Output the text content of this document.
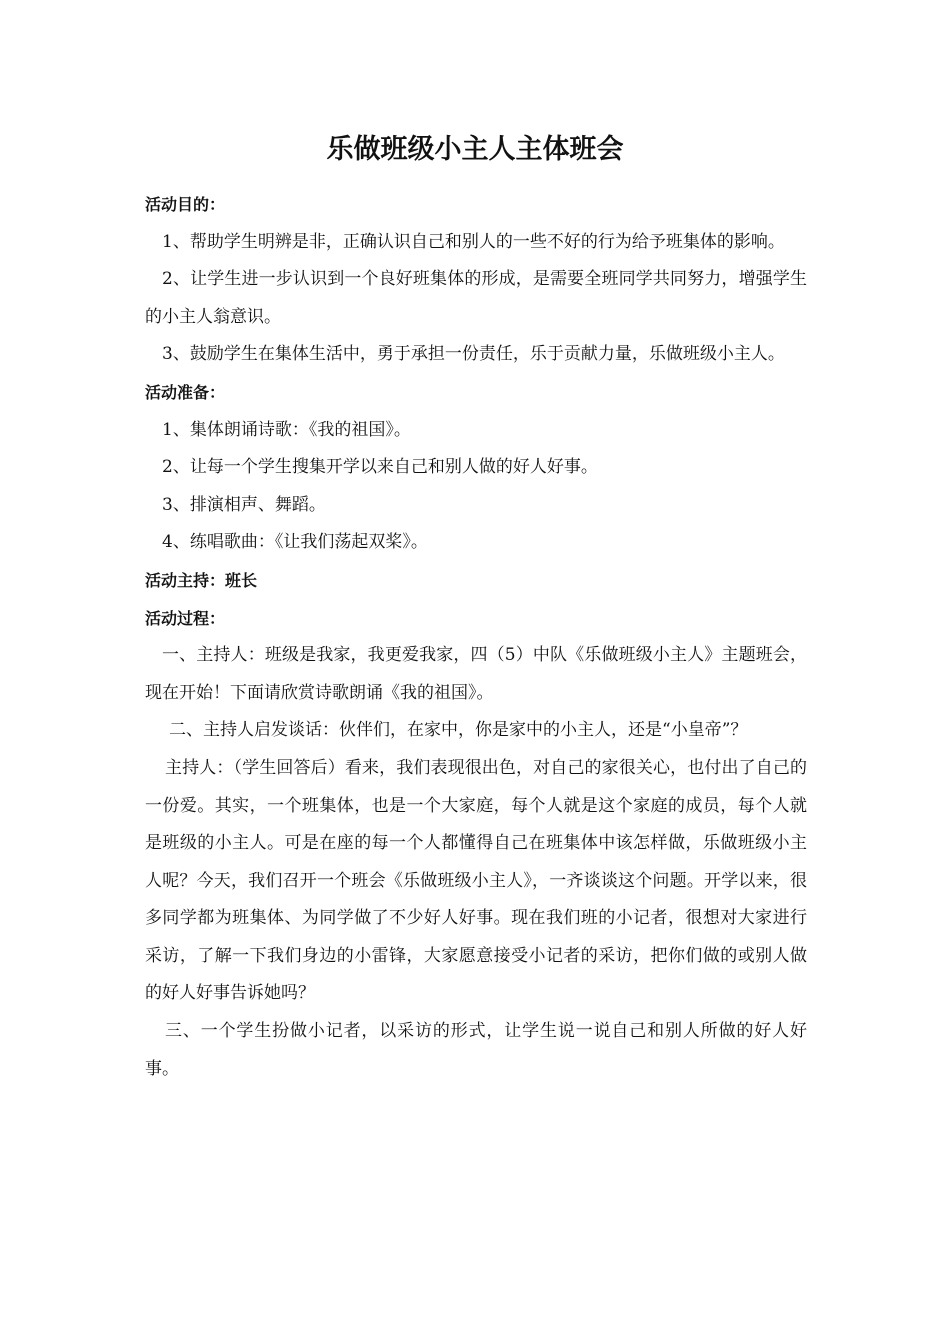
乐做班级小主人主体班会

活动目的：

1、帮助学生明辨是非，正确认识自己和别人的一些不好的行为给予班集体的影响。

2、让学生进一步认识到一个良好班集体的形成，是需要全班同学共同努力，增强学生的小主人翁意识。

3、鼓励学生在集体生活中，勇于承担一份责任，乐于贡献力量，乐做班级小主人。

活动准备：

1、集体朗诵诗歌：《我的祖国》。

2、让每一个学生搜集开学以来自己和别人做的好人好事。

3、排演相声、舞蹈。

4、练唱歌曲：《让我们荡起双桨》。

活动主持：班长

活动过程：

一、主持人：班级是我家，我更爱我家，四（5）中队《乐做班级小主人》主题班会，现在开始！下面请欣赏诗歌朗诵《我的祖国》。

二、主持人启发谈话：伙伴们，在家中，你是家中的小主人，还是“小皇帝”？

主持人：（学生回答后）看来，我们表现很出色，对自己的家很关心，也付出了自己的一份爱。其实，一个班集体，也是一个大家庭，每个人就是这个家庭的成员，每个人就是班级的小主人。可是在座的每一个人都懂得自己在班集体中该怎样做，乐做班级小主人呢？今天，我们召开一个班会《乐做班级小主人》，一齐谈谈这个问题。开学以来，很多同学都为班集体、为同学做了不少好人好事。现在我们班的小记者，很想对大家进行采访，了解一下我们身边的小雷锋，大家愿意接受小记者的采访，把你们做的或别人做的好人好事告诉她吗？

三、一个学生扮做小记者，以采访的形式，让学生说一说自己和别人所做的好人好事。
